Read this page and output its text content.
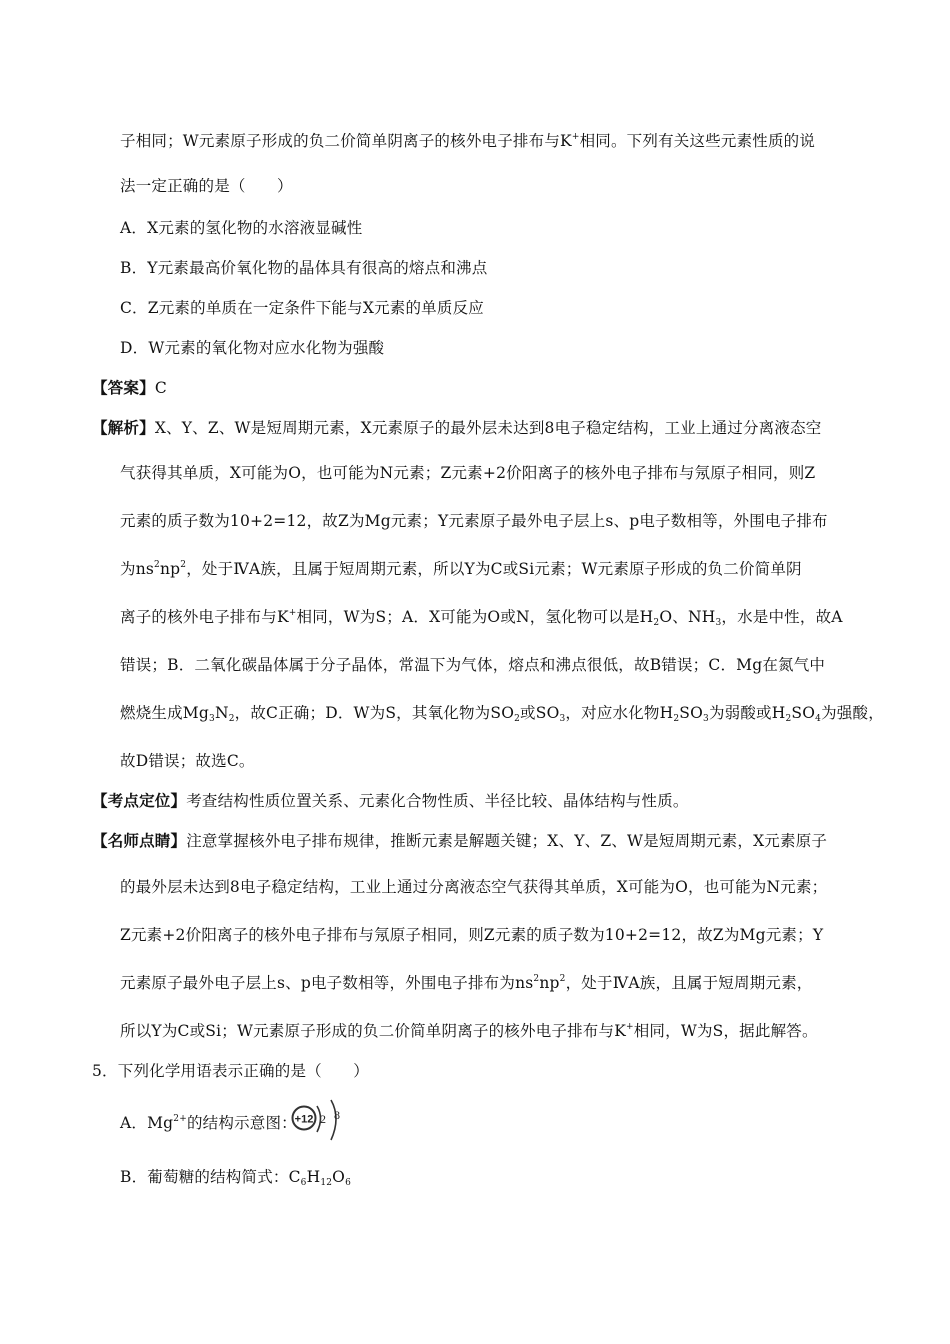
子相同；W元素原子形成的负二价简单阴离子的核外电子排布与K+相同。下列有关这些元素性质的说
法一定正确的是（　　）
A．X元素的氢化物的水溶液显碱性
B．Y元素最高价氧化物的晶体具有很高的熔点和沸点
C．Z元素的单质在一定条件下能与X元素的单质反应
D．W元素的氧化物对应水化物为强酸
【答案】C
【解析】X、Y、Z、W是短周期元素，X元素原子的最外层未达到8电子稳定结构，工业上通过分离液态空
气获得其单质，X可能为O，也可能为N元素；Z元素+2价阳离子的核外电子排布与氖原子相同，则Z
元素的质子数为10+2=12，故Z为Mg元素；Y元素原子最外电子层上s、p电子数相等，外围电子排布
为$ns^2np^2$，处于ⅣA族，且属于短周期元素，所以Y为C或Si元素；W元素原子形成的负二价简单阴
离子的核外电子排布与K+相同，W为S；A．X可能为O或N，氢化物可以是$H_2O$、$NH_3$，水是中性，故A
错误；B．二氧化碳晶体属于分子晶体，常温下为气体，熔点和沸点很低，故B错误；C．Mg在氮气中
燃烧生成$Mg_3N_2$，故C正确；D．W为S，其氧化物为$SO_2$或$SO_3$，对应水化物$H_2SO_3$为弱酸或$H_2SO_4$为强酸，
故D错误；故选C。
【考点定位】考查结构性质位置关系、元素化合物性质、半径比较、晶体结构与性质。
【名师点睛】注意掌握核外电子排布规律，推断元素是解题关键；X、Y、Z、W是短周期元素，X元素原子
的最外层未达到8电子稳定结构，工业上通过分离液态空气获得其单质，X可能为O，也可能为N元素；
Z元素+2价阳离子的核外电子排布与氖原子相同，则Z元素的质子数为10+2=12，故Z为Mg元素；Y
元素原子最外电子层上s、p电子数相等，外围电子排布为$ns^2np^2$，处于ⅣA族，且属于短周期元素，
所以Y为C或Si；W元素原子形成的负二价简单阴离子的核外电子排布与K+相同，W为S，据此解答。
5．下列化学用语表示正确的是（　　）
A．$Mg^{2+}$的结构示意图：
+12 2 8
B．葡萄糖的结构简式：$C_6H_{12}O_6$
